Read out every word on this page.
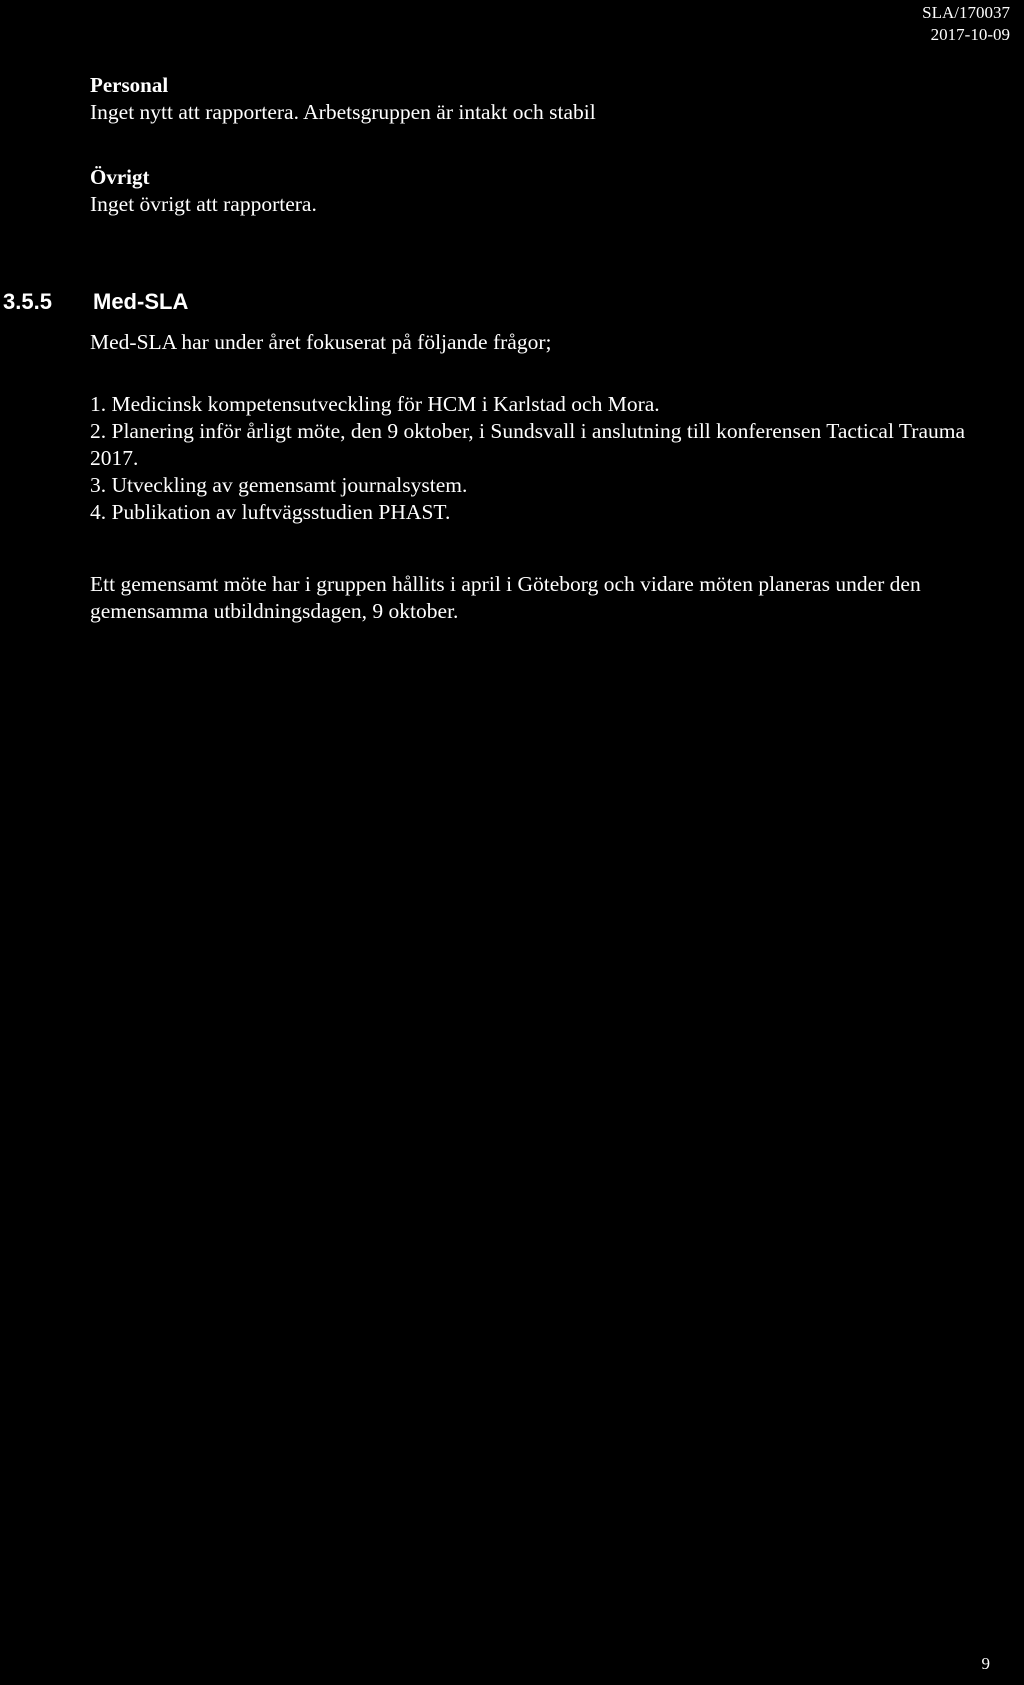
SLA/170037
2017-10-09
Personal
Inget nytt att rapportera. Arbetsgruppen är intakt och stabil
Övrigt
Inget övrigt att rapportera.
3.5.5 Med-SLA
Med-SLA har under året fokuserat på följande frågor;
1. Medicinsk kompetensutveckling för HCM i Karlstad och Mora.
2. Planering inför årligt möte, den 9 oktober, i Sundsvall i anslutning till konferensen Tactical Trauma 2017.
3. Utveckling av gemensamt journalsystem.
4. Publikation av luftvägsstudien PHAST.
Ett gemensamt möte har i gruppen hållits i april i Göteborg och vidare möten planeras under den gemensamma utbildningsdagen, 9 oktober.
9
